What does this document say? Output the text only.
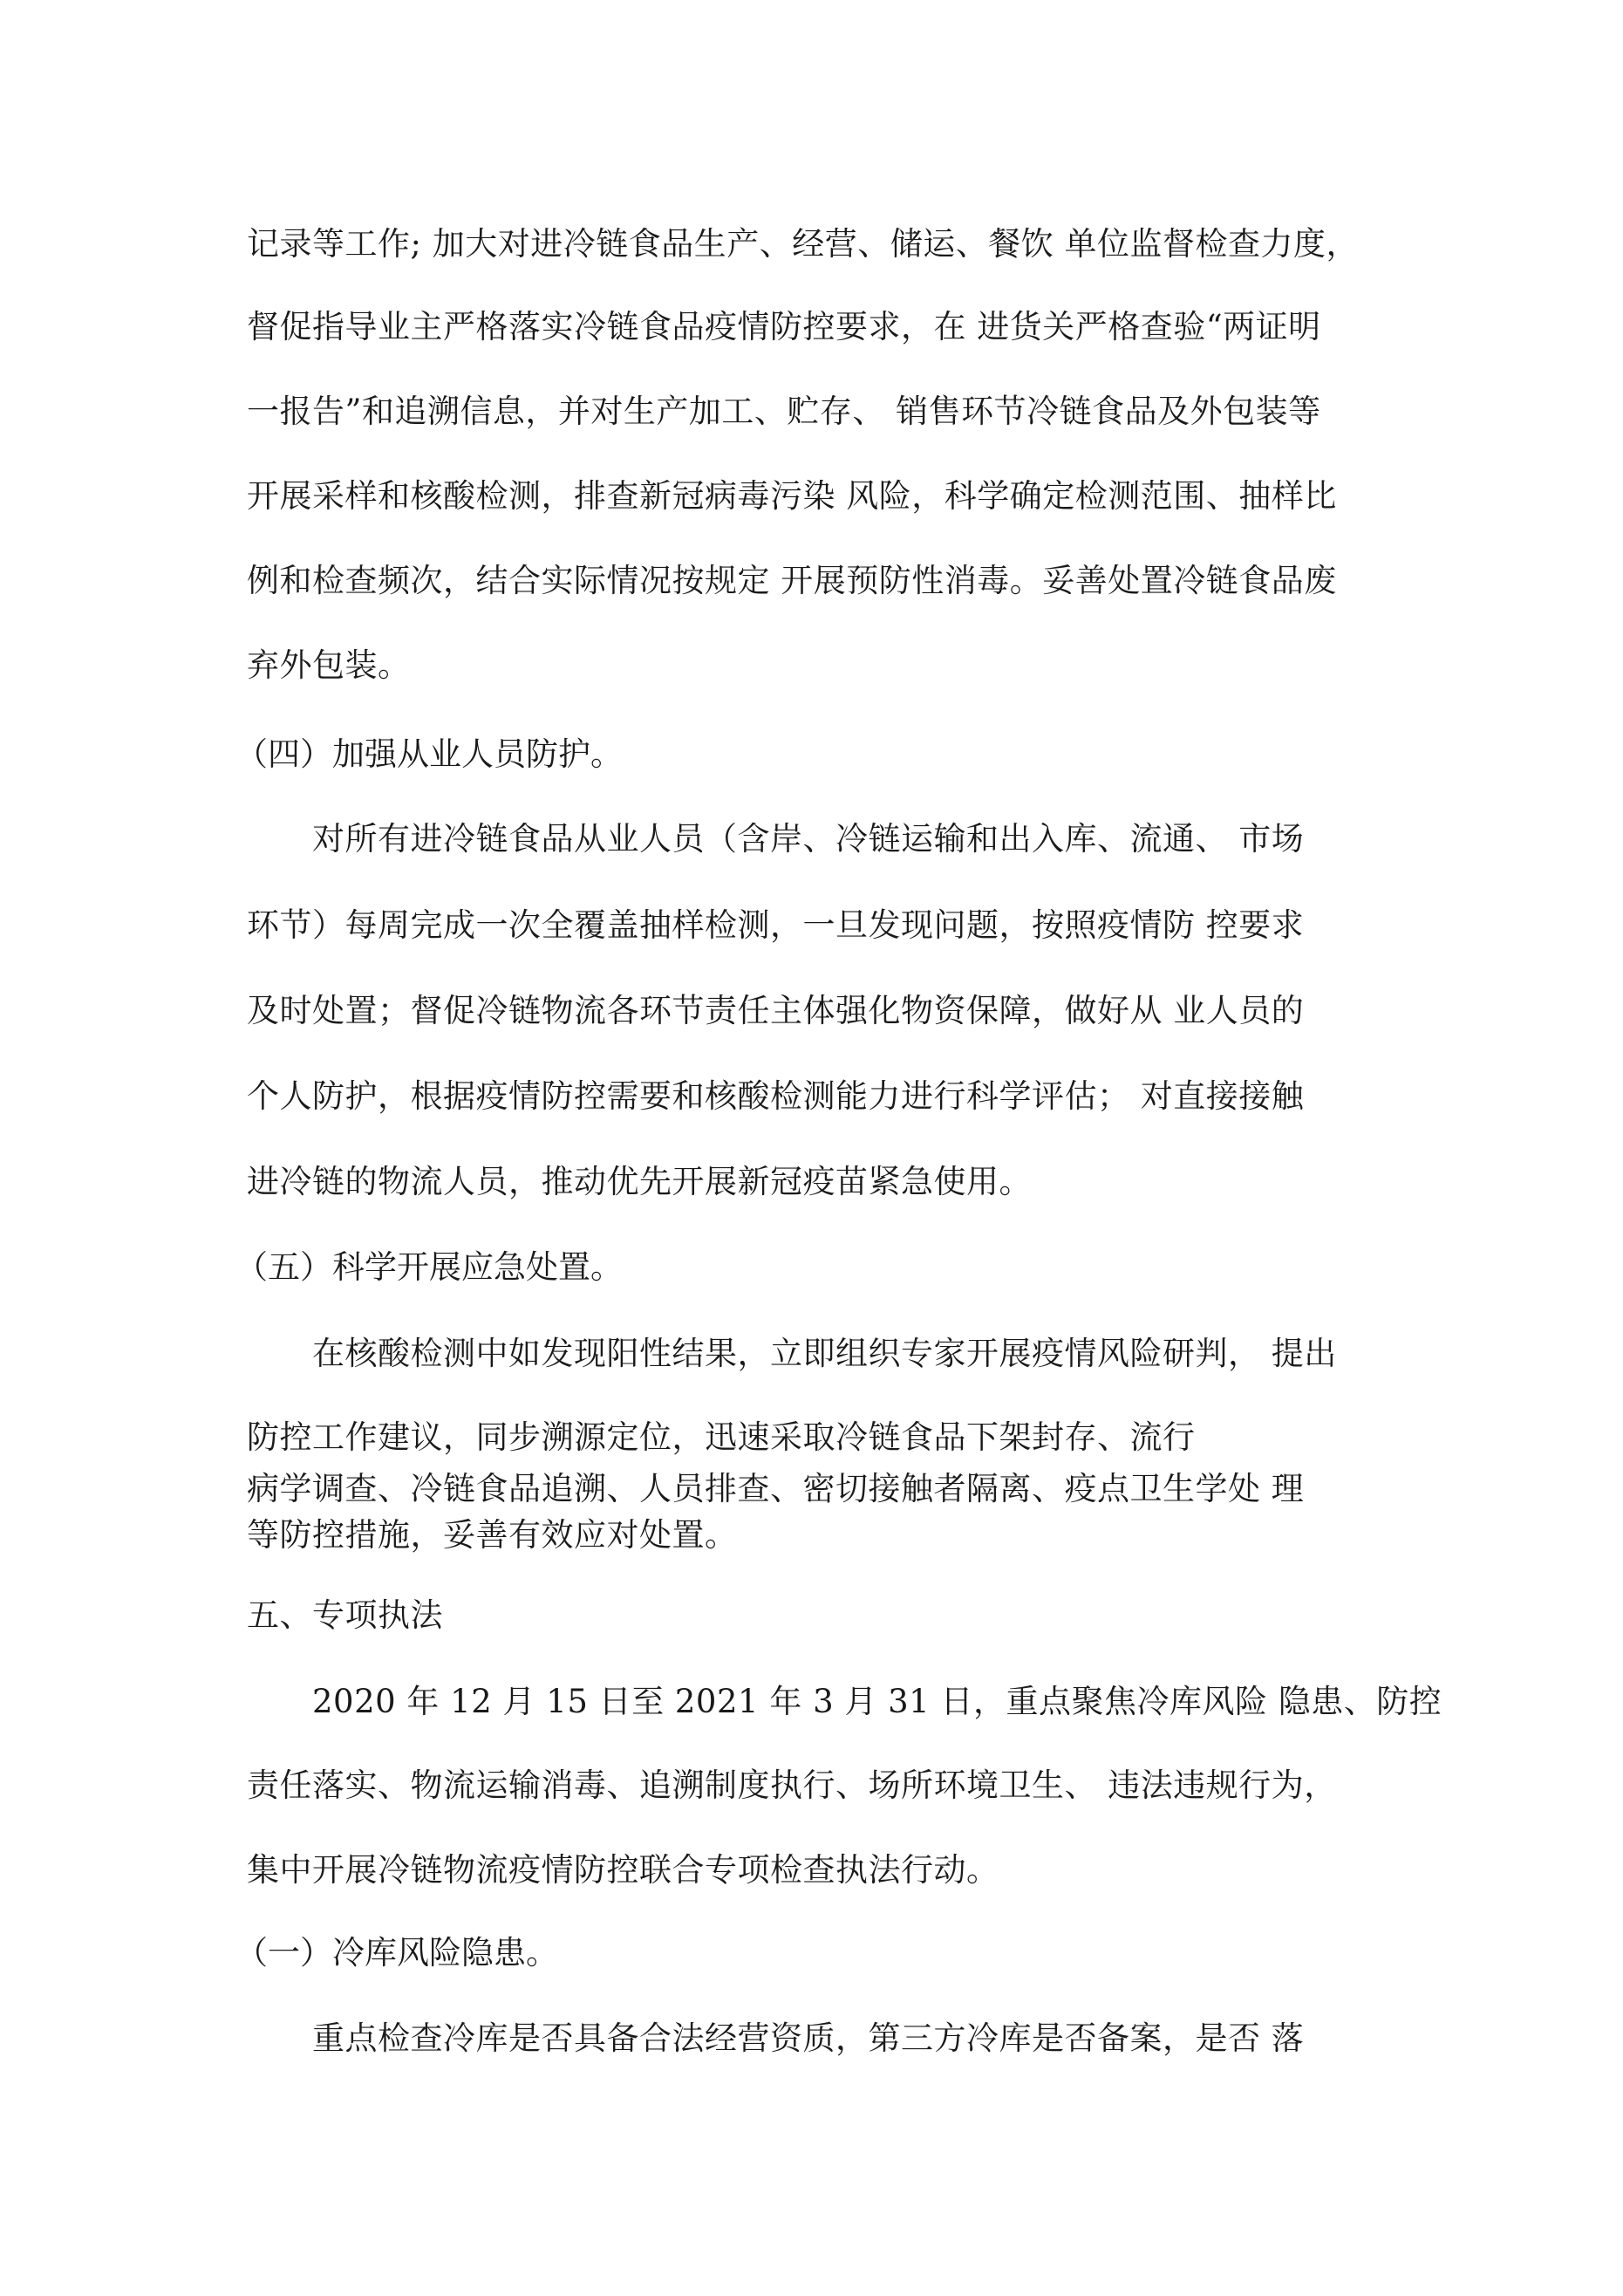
记录等工作; 加大对进冷链食品生产、经营、储运、餐饮 单位监督检查力度，
督促指导业主严格落实冷链食品疫情防控要求，在 进货关严格查验“两证明
一报告”和追溯信息，并对生产加工、贮存、 销售环节冷链食品及外包装等
开展采样和核酸检测，排查新冠病毒污染 风险，科学确定检测范围、抽样比
例和检查频次，结合实际情况按规定 开展预防性消毒。妥善处置冷链食品废
弃外包装。
（四）加强从业人员防护。
对所有进冷链食品从业人员（含岸、冷链运输和出入库、流通、 市场
环节）每周完成一次全覆盖抽样检测，一旦发现问题，按照疫情防 控要求
及时处置；督促冷链物流各环节责任主体强化物资保障，做好从 业人员的
个人防护，根据疫情防控需要和核酸检测能力进行科学评估； 对直接接触
进冷链的物流人员，推动优先开展新冠疫苗紧急使用。
（五）科学开展应急处置。
在核酸检测中如发现阳性结果，立即组织专家开展疫情风险研判， 提出
防控工作建议，同步溯源定位，迅速采取冷链食品下架封存、流行
病学调查、冷链食品追溯、人员排查、密切接触者隔离、疫点卫生学处 理
等防控措施，妥善有效应对处置。
五、专项执法
2020 年 12 月 15 日至 2021 年 3 月 31 日，重点聚焦冷库风险 隐患、防控
责任落实、物流运输消毒、追溯制度执行、场所环境卫生、 违法违规行为，
集中开展冷链物流疫情防控联合专项检查执法行动。
（一）冷库风险隐患。
重点检查冷库是否具备合法经营资质，第三方冷库是否备案，是否 落
